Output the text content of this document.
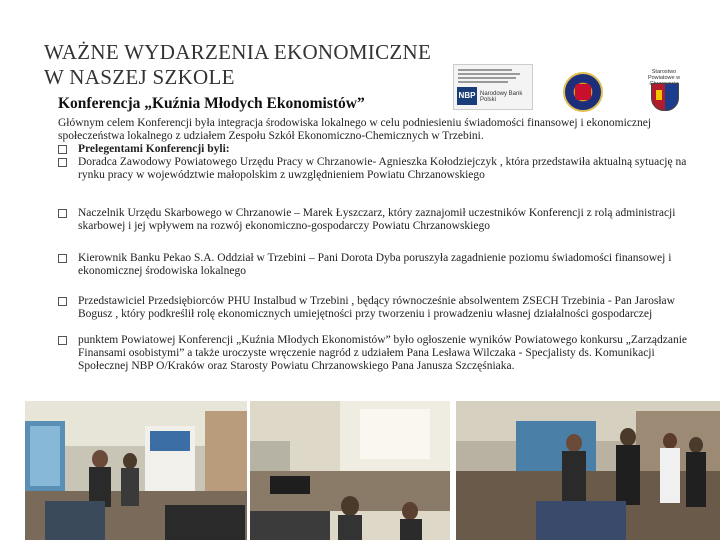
WAŻNE WYDARZENIA EKONOMICZNE
W NASZEJ SZKOLE
Konferencja „Kuźnia Młodych Ekonomistów”	NBP Narodowy Bank Polski
Starostwo Powiatowe w

Głównym celem Konferencji była integracja środowiska lokalnego w celu podniesieniu świadomości finansowej i ekonomicznej społeczeństwa lokalnego z udziałem Zespołu Szkół Ekonomiczno-Chemicznych w Trzebini.

Prelegentami Konferencji byli:
Doradca Zawodowy Powiatowego Urzędu Pracy w Chrzanowie- Agnieszka Kołodziejczyk , która przedstawiła aktualną sytuację na rynku pracy w województwie małopolskim z uwzględnieniem Powiatu Chrzanowskiego
Naczelnik Urzędu Skarbowego w Chrzanowie – Marek Łyszczarz, który zaznajomił uczestników Konferencji z rolą administracji skarbowej i jej wpływem na rozwój ekonomiczno-gospodarczy Powiatu Chrzanowskiego
Kierownik Banku Pekao S.A. Oddział w Trzebini – Pani Dorota Dyba poruszyła zagadnienie poziomu świadomości finansowej i ekonomicznej środowiska lokalnego
Przedstawiciel Przedsiębiorców PHU Instalbud w Trzebini , będący równocześnie absolwentem ZSECH Trzebinia - Pan Jarosław Bogusz , który podkreślił rolę ekonomicznych umiejętności przy tworzeniu i prowadzeniu własnej działalności gospodarczej
punktem Powiatowej Konferencji „Kuźnia Młodych Ekonomistów” było ogłoszenie wyników Powiatowego konkursu „Zarządzanie Finansami osobistymi” a także uroczyste wręczenie nagród z udziałem Pana Lesława Wilczaka - Specjalisty ds. Komunikacji Społecznej NBP O/Kraków oraz Starosty Powiatu Chrzanowskiego Pana Janusza Szczęśniaka.
